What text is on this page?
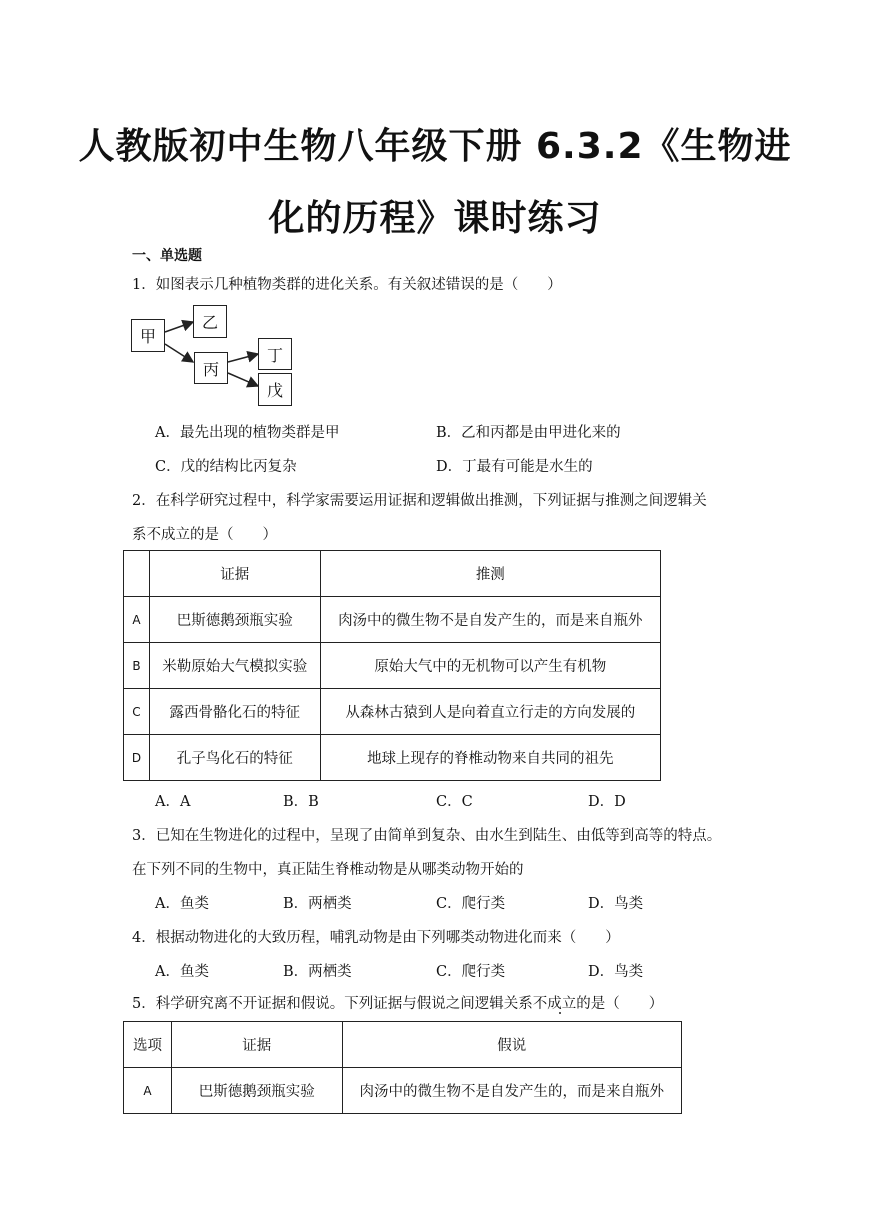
人教版初中生物八年级下册 6.3.2《生物进
化的历程》课时练习
一、单选题
1．如图表示几种植物类群的进化关系。有关叙述错误的是（　　）
甲
乙
丙
丁
戊
A．最先出现的植物类群是甲	B．乙和丙都是由甲进化来的
C．戊的结构比丙复杂	D．丁最有可能是水生的
2．在科学研究过程中，科学家需要运用证据和逻辑做出推测，下列证据与推测之间逻辑关
系不成立的是（　　）
	证据	推测
A	巴斯德鹅颈瓶实验	肉汤中的微生物不是自发产生的，而是来自瓶外
B	米勒原始大气模拟实验	原始大气中的无机物可以产生有机物
C	露西骨骼化石的特征	从森林古猿到人是向着直立行走的方向发展的
D	孔子鸟化石的特征	地球上现存的脊椎动物来自共同的祖先
A．A	B．B	C．C	D．D
3．已知在生物进化的过程中，呈现了由简单到复杂、由水生到陆生、由低等到高等的特点。
在下列不同的生物中，真正陆生脊椎动物是从哪类动物开始的
A．鱼类	B．两栖类	C．爬行类	D．鸟类
4．根据动物进化的大致历程，哺乳动物是由下列哪类动物进化而来（　　）
A．鱼类	B．两栖类	C．爬行类	D．鸟类
5．科学研究离不开证据和假说。下列证据与假说之间逻辑关系不成立的是（　　）
选项	证据	假说
A	巴斯德鹅颈瓶实验	肉汤中的微生物不是自发产生的，而是来自瓶外
